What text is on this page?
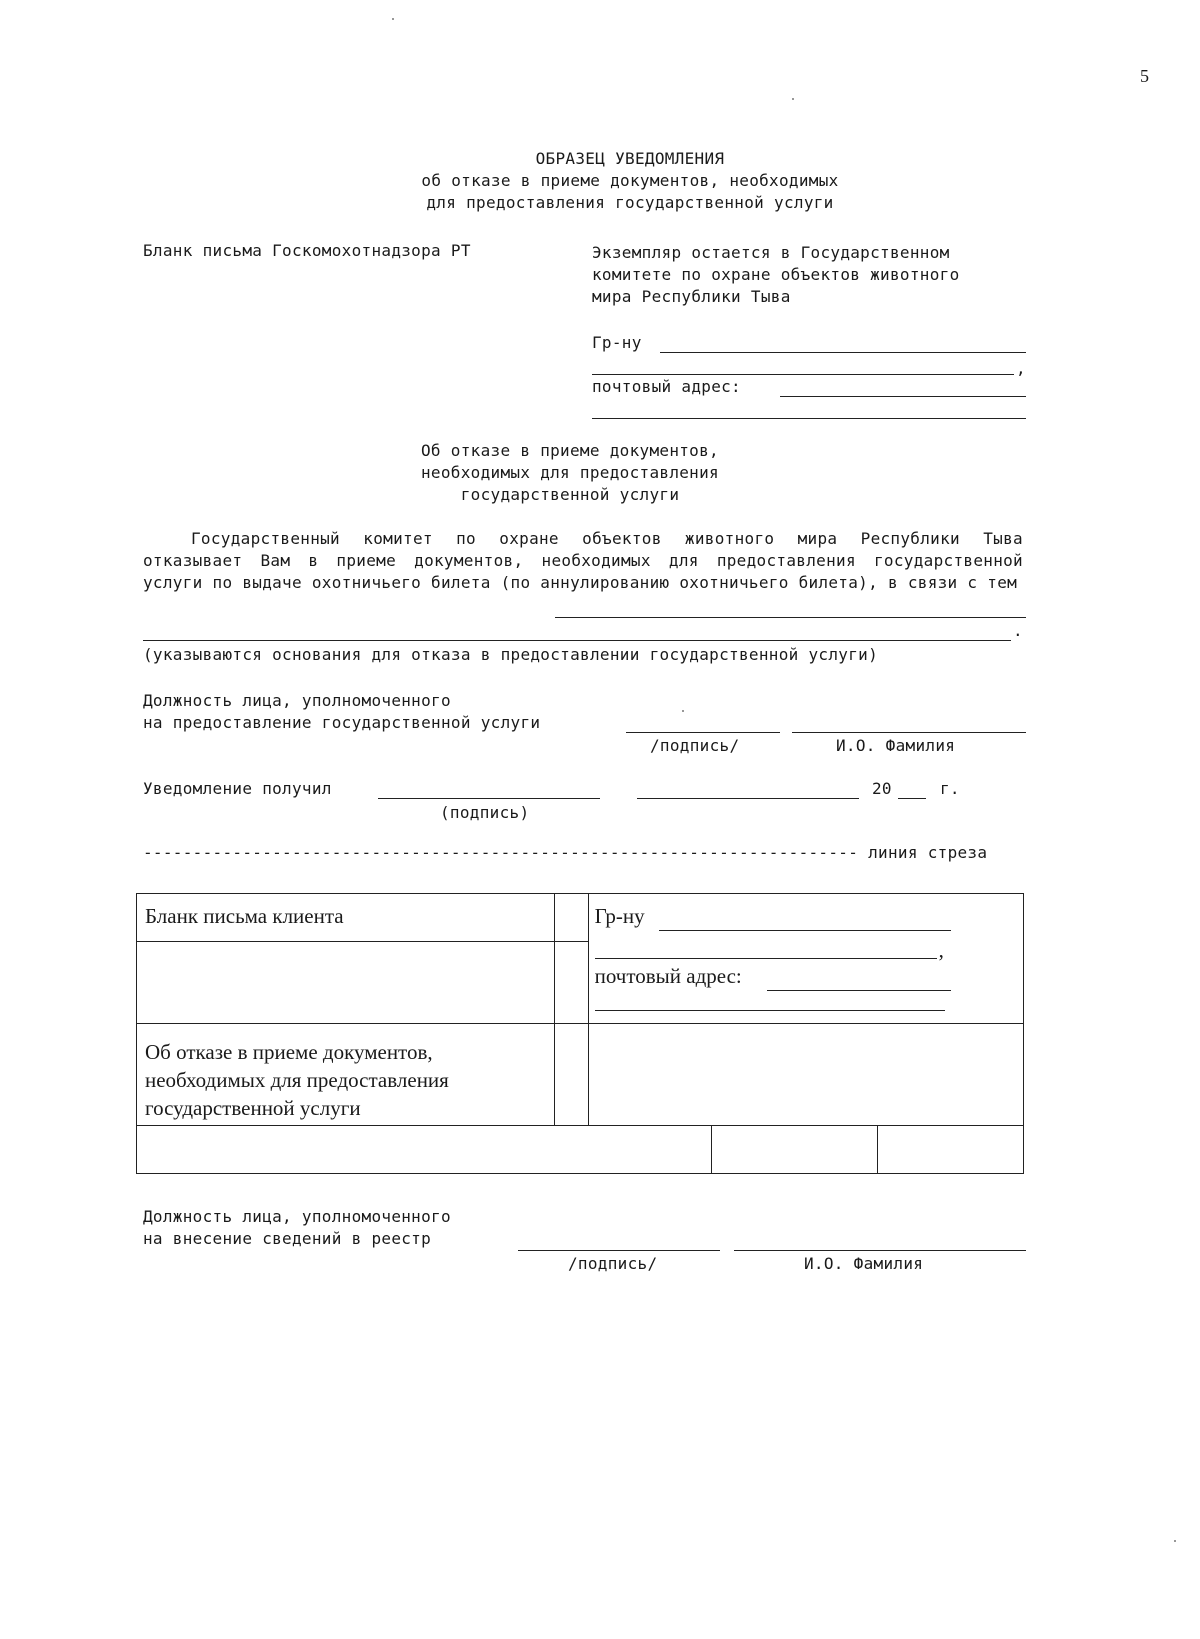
5
ОБРАЗЕЦ УВЕДОМЛЕНИЯ
об отказе в приеме документов, необходимых
для предоставления государственной услуги
Бланк письма Госкомохотнадзора РТ	Экземпляр остается в Государственном
комитете по охране объектов животного
мира Республики Тыва
Гр-ну
,
почтовый адрес:
Об отказе в приеме документов,
необходимых для предоставления
государственной услуги
Государственный комитет по охране объектов животного мира Республики Тыва отказывает Вам в приеме документов, необходимых для предоставления государственной услуги по выдаче охотничьего билета (по аннулированию охотничьего билета), в связи с тем
.
(указываются основания для отказа в предоставлении государственной услуги)
Должность лица, уполномоченного
на предоставление государственной услуги
/подпись/	И.О. Фамилия
Уведомление получил
(подпись)
20	г.
------------------------------------------------------------------------ линия стреза
Бланк письма клиента		Гр-ну
,
почтовый адрес:		

Об отказе в приеме документов,
необходимых для предоставления
государственной услуги				

Должность лица, уполномоченного
на внесение сведений в реестр
/подпись/	И.О. Фамилия
